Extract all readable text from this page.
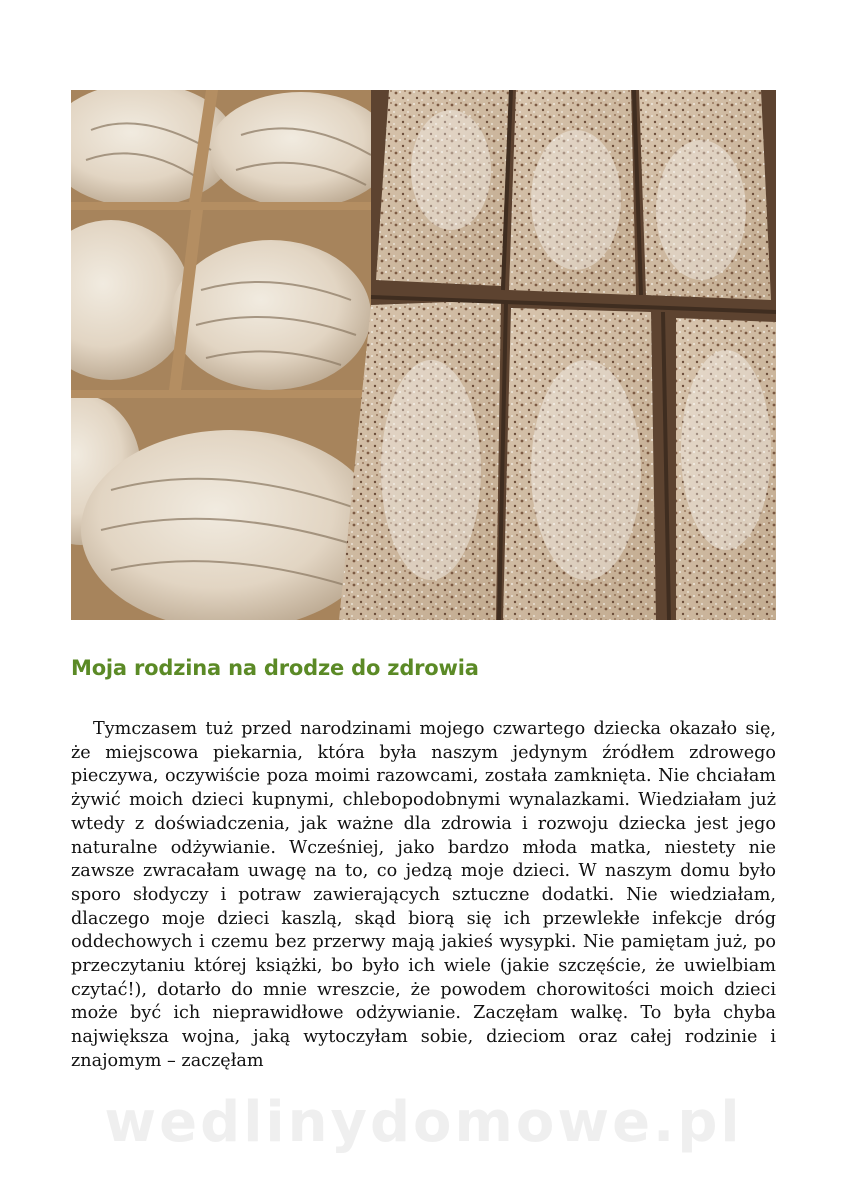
Moja rodzina na drodze do zdrowia

Tymczasem tuż przed narodzinami mojego czwartego dziecka okazało się, że miejscowa piekarnia, która była naszym jedynym źródłem zdrowego pieczywa, oczywiście poza moimi razowcami, została zamknięta. Nie chciałam żywić moich dzieci kupnymi, chlebopodobnymi wynalazkami. Wiedziałam już wtedy z doświadczenia, jak ważne dla zdrowia i rozwoju dziecka jest jego naturalne odżywianie. Wcześniej, jako bardzo młoda matka, niestety nie zawsze zwracałam uwagę na to, co jedzą moje dzieci. W naszym domu było sporo słodyczy i potraw zawierających sztuczne dodatki. Nie wiedziałam, dlaczego moje dzieci kaszlą, skąd biorą się ich przewlekłe infekcje dróg oddechowych i czemu bez przerwy mają jakieś wysypki. Nie pamiętam już, po przeczytaniu której książki, bo było ich wiele (jakie szczęście, że uwielbiam czytać!), dotarło do mnie wreszcie, że powodem chorowitości moich dzieci może być ich nieprawidłowe odżywianie. Zaczęłam walkę. To była chyba największa wojna, jaką wytoczyłam sobie, dzieciom oraz całej rodzinie i znajomym – zaczęłam

wedlinydomowe.pl
